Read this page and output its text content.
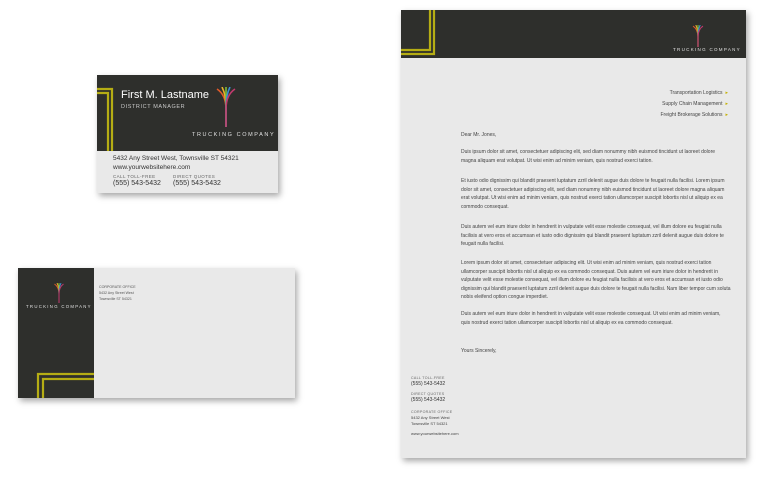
First M. Lastname
DISTRICT MANAGER
TRUCKING COMPANY
5432 Any Street West, Townsville ST 54321
www.yourwebsitehere.com
CALL TOLL-FREE
(555) 543-5432
DIRECT QUOTES
(555) 543-5432
TRUCKING COMPANY
CORPORATE OFFICE
5432 Any Street West
Townsville ST 54321
TRUCKING COMPANY
Transportation Logistics ▸
Supply Chain Management ▸
Freight Brokerage Solutions ▸
Dear Mr. Jones,
Duis ipsum dolor sit amet, consectetuer adipiscing elit, sed diam nonummy nibh euismod tincidunt ut laoreet dolore magna aliquam erat volutpat. Ut wisi enim ad minim veniam, quis nostrud exerci tation.
Et iusto odio dignissim qui blandit praesent luptatum zzril delenit augue duis dolore te feugait nulla facilisi. Lorem ipsum dolor sit amet, consectetuer adipiscing elit, sed diam nonummy nibh euismod tincidunt ut laoreet dolore magna aliquam erat volutpat. Ut wisi enim ad minim veniam, quis nostrud exerci tation ullamcorper suscipit lobortis nisl ut aliquip ex ea commodo consequat.
Duis autem vel eum iriure dolor in hendrerit in vulputate velit esse molestie consequat, vel illum dolore eu feugiat nulla facilisis at vero eros et accumsan et iusto odio dignissim qui blandit praesent luptatum zzril delenit augue duis dolore te feugait nulla facilisi.
Lorem ipsum dolor sit amet, consectetuer adipiscing elit. Ut wisi enim ad minim veniam, quis nostrud exerci tation ullamcorper suscipit lobortis nisl ut aliquip ex ea commodo consequat. Duis autem vel eum iriure dolor in hendrerit in vulputate velit esse molestie consequat, vel illum dolore eu feugiat nulla facilisis at vero eros et accumsan et iusto odio dignissim qui blandit praesent luptatum zzril delenit augue duis dolore te feugait nulla facilisi. Nam liber tempor cum soluta nobis eleifend option congue imperdiet.
Duis autem vel eum iriure dolor in hendrerit in vulputate velit esse molestie consequat. Ut wisi enim ad minim veniam, quis nostrud exerci tation ullamcorper suscipit lobortis nisl ut aliquip ex ea commodo consequat.
Yours Sincerely,
CALL TOLL-FREE
(555) 543-5432
DIRECT QUOTES
(555) 543-5432
CORPORATE OFFICE
5432 Any Street West
Townsville ST 54321
www.yourwebsitehere.com
